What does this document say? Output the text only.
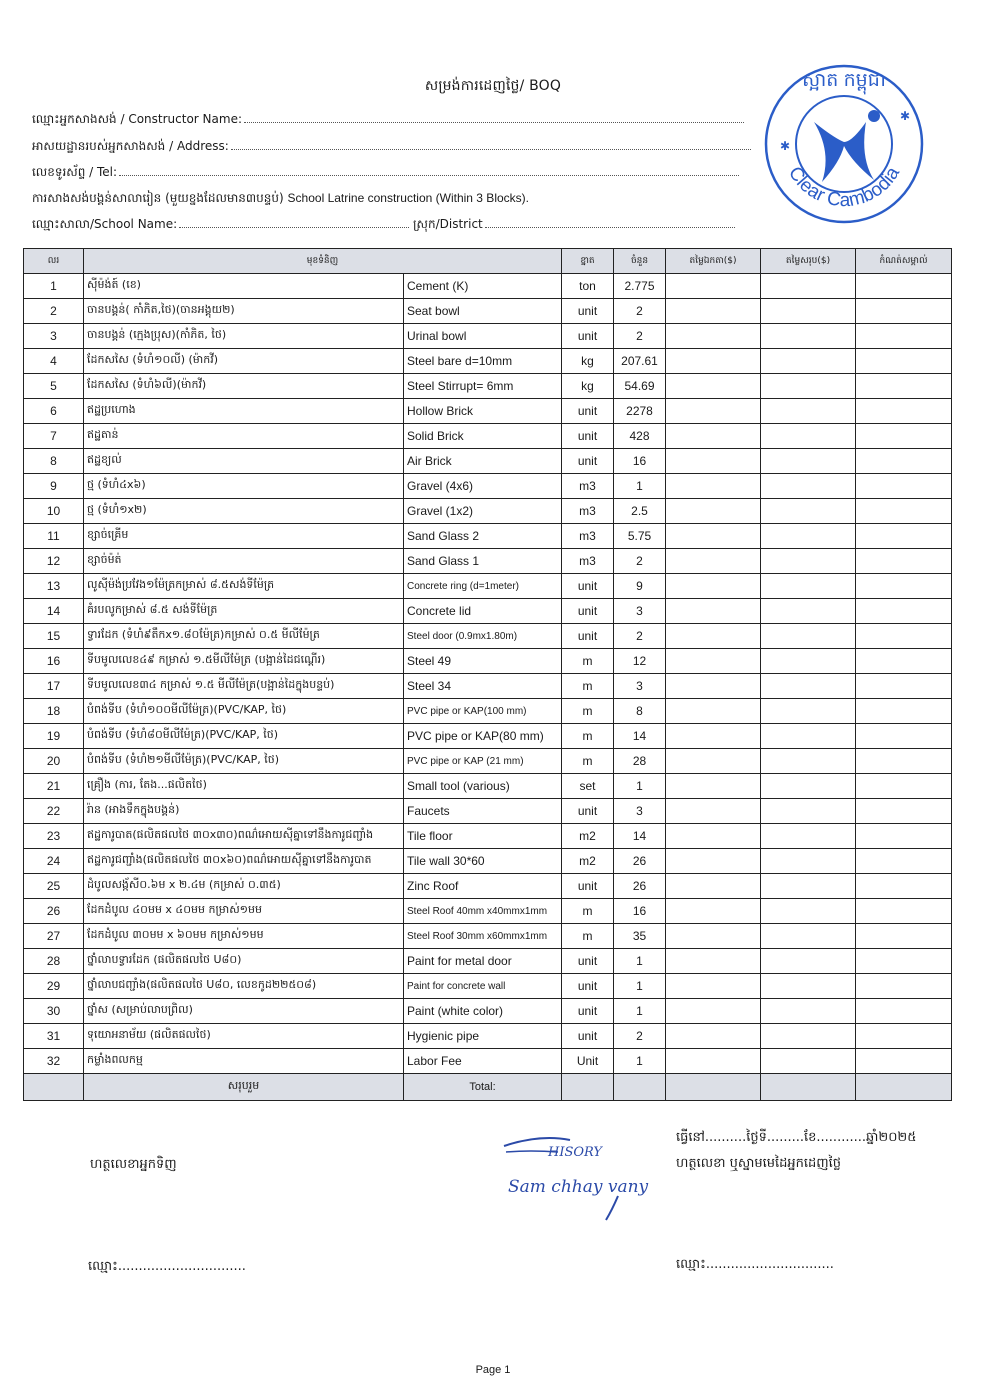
សម្រង់ការដេញថ្លៃ/ BOQ
ឈ្មោះអ្នកសាងសង់ / Constructor Name:
អាសយដ្ឋានរបស់អ្នកសាងសង់ / Address:
លេខទូរស័ព្ទ / Tel:
ការសាងសង់បង្គន់សាលារៀន (មួយខ្នងដែលមាន៣បន្ទប់) School Latrine construction (Within 3 Blocks).
ឈ្មោះសាលា/School Name:	ស្រុក/District
ស្អាត កម្ពុជា
Clear Cambodia
✱
✱
លរ	មុខទំនិញ		ខ្នាត	ចំនួន	តម្លៃឯកតា($)	តម្លៃសរុប($)	កំណត់សម្គាល់
1	ស៊ីម៉ង់ត៍ (ខេ)	Cement (K)	ton	2.775			
2	ចានបង្គន់( កាំភិត,ថៃ)(ចានអង្គុយ២)	Seat bowl	unit	2			
3	ចានបង្គន់ (ក្មេងប្រុស)(កាំភិត, ថៃ)	Urinal bowl	unit	2			
4	ដែកសសៃ (ទំហំ១០លី) (ម៉ាកវី)	Steel bare d=10mm	kg	207.61			
5	ដែកសសៃ (ទំហំ៦លី)(ម៉ាកវី)	Steel Stirrupt= 6mm	kg	54.69			
6	ឥដ្ឋប្រហោង	Hollow Brick	unit	2278			
7	ឥដ្ឋតាន់	Solid Brick	unit	428			
8	ឥដ្ឋខ្យល់	Air Brick	unit	16			
9	ថ្ម (ទំហំ៤x៦)	Gravel (4x6)	m3	1			
10	ថ្ម (ទំហំ១x២)	Gravel (1x2)	m3	2.5			
11	ខ្សាច់គ្រើម	Sand Glass 2	m3	5.75			
12	ខ្សាច់ម៉ត់	Sand Glass 1	m3	2			
13	លូស៊ីម៉ង់ប្រវែង១ម៉ែត្រកម្រាស់ ៨.៥សង់ទីម៉ែត្រ	Concrete ring (d=1meter)	unit	9			
14	គំរបលូកម្រាស់ ៨.៥ សង់ទីម៉ែត្រ	Concrete lid	unit	3			
15	ទ្វារដែក (ទំហំ៩តឹកx១.៨០ម៉ែត្រ)កម្រាស់ ០.៥ មីលីម៉ែត្រ	Steel door (0.9mx1.80m)	unit	2			
16	ទីបមូលលេខ៤៩ កម្រាស់ ១.៥មីលីម៉ែត្រ (បង្អាន់ដៃជណ្តើរ)	Steel 49	m	12			
17	ទីបមូលលេខ៣៤ កម្រាស់ ១.៥ មីលីម៉ែត្រ(បង្អាន់ដៃក្នុងបន្ទប់)	Steel 34	m	3			
18	បំពង់ទីប (ទំហំ១០០មីលីម៉ែត្រ)(PVC/KAP, ថៃ)	PVC pipe or KAP(100 mm)	m	8			
19	បំពង់ទីប (ទំហំ៨០មីលីម៉ែត្រ)(PVC/KAP, ថៃ)	PVC pipe or KAP(80 mm)	m	14			
20	បំពង់ទីប (ទំហំ២១មីលីម៉ែត្រ)(PVC/KAP, ថៃ)	PVC pipe or KAP (21 mm)	m	28			
21	គ្រឿង (ការ, តែង...ផលិតថៃ)	Small tool (various)	set	1			
22	រ៉ាន (អាងទឹកក្នុងបង្គន់)	Faucets	unit	3			
23	ឥដ្ឋការូបាត(ផលិតផលថៃ ៣០x៣០)ពណ៌អោយស៊ីគ្នាទៅនឹងការូជញ្ជាំង	Tile floor	m2	14			
24	ឥដ្ឋការូជញ្ជាំង(ផលិតផលថៃ ៣០x៦០)ពណ៌អោយស៊ីគ្នាទៅនឹងការូបាត	Tile wall 30*60	m2	26			
25	ដំបូលសង្ក័សី០.៦ម x ២.៤ម (កម្រាស់ ០.៣៥)	Zinc Roof	unit	26			
26	ដែកដំបូល ៤០មម x ៤០មម កម្រាស់១មម	Steel Roof 40mm x40mmx1mm	m	16			
27	ដែកដំបូល ៣០មម x ៦០មម កម្រាស់១មម	Steel Roof 30mm x60mmx1mm	m	35			
28	ថ្នាំលាបទ្វារដែក (ផលិតផលថៃ U៨០)	Paint for metal door	unit	1			
29	ថ្នាំលាបជញ្ជាំង(ផលិតផលថៃ U៨០, លេខកូដ២២៥០៨)	Paint for concrete wall	unit	1			
30	ថ្នាំស (សម្រាប់លាបព្រិល)	Paint (white color)	unit	1			
31	ទុយោអនាម័យ (ផលិតផលថៃ)	Hygienic pipe	unit	2			
32	កម្លាំងពលកម្ម	Labor Fee	Unit	1			
	សរុបរួម	Total:					
HISORY
Sam chhay vany
ហត្ថលេខាអ្នកទិញ
ធ្វើនៅ..........ថ្ងៃទី.........ខែ............ឆ្នាំ២០២៥
ហត្ថលេខា ឬស្នាមមេដៃអ្នកដេញថ្លៃ
ឈ្មោះ...............................	ឈ្មោះ...............................
Page 1
